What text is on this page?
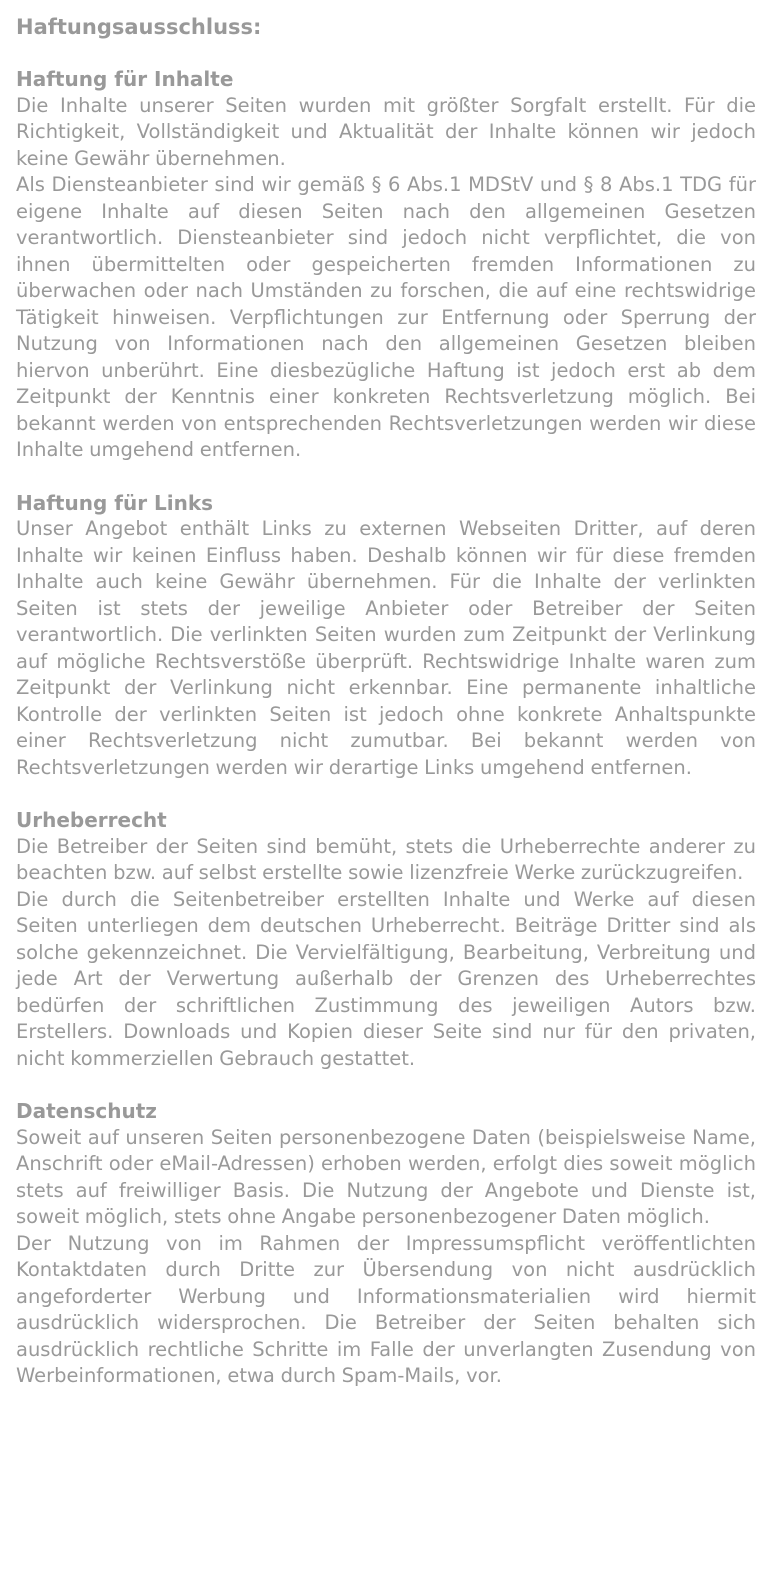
Haftungsausschluss:
Haftung für Inhalte

Die Inhalte unserer Seiten wurden mit größter Sorgfalt erstellt. Für die Richtigkeit, Vollständigkeit und Aktualität der Inhalte können wir jedoch keine Gewähr übernehmen.

Als Diensteanbieter sind wir gemäß § 6 Abs.1 MDStV und § 8 Abs.1 TDG für eigene Inhalte auf diesen Seiten nach den allgemeinen Gesetzen verantwortlich. Diensteanbieter sind jedoch nicht verpflichtet, die von ihnen übermittelten oder gespeicherten fremden Informationen zu überwachen oder nach Umständen zu forschen, die auf eine rechtswidrige Tätigkeit hinweisen. Verpflichtungen zur Entfernung oder Sperrung der Nutzung von Informationen nach den allgemeinen Gesetzen bleiben hiervon unberührt. Eine diesbezügliche Haftung ist jedoch erst ab dem Zeitpunkt der Kenntnis einer konkreten Rechtsverletzung möglich. Bei bekannt werden von entsprechenden Rechtsverletzungen werden wir diese Inhalte umgehend entfernen.

Haftung für Links

Unser Angebot enthält Links zu externen Webseiten Dritter, auf deren Inhalte wir keinen Einfluss haben. Deshalb können wir für diese fremden Inhalte auch keine Gewähr übernehmen. Für die Inhalte der verlinkten Seiten ist stets der jeweilige Anbieter oder Betreiber der Seiten verantwortlich. Die verlinkten Seiten wurden zum Zeitpunkt der Verlinkung auf mögliche Rechtsverstöße überprüft. Rechtswidrige Inhalte waren zum Zeitpunkt der Verlinkung nicht erkennbar. Eine permanente inhaltliche Kontrolle der verlinkten Seiten ist jedoch ohne konkrete Anhaltspunkte einer Rechtsverletzung nicht zumutbar. Bei bekannt werden von Rechtsverletzungen werden wir derartige Links umgehend entfernen.

Urheberrecht

Die Betreiber der Seiten sind bemüht, stets die Urheberrechte anderer zu beachten bzw. auf selbst erstellte sowie lizenzfreie Werke zurückzugreifen.

Die durch die Seitenbetreiber erstellten Inhalte und Werke auf diesen Seiten unterliegen dem deutschen Urheberrecht. Beiträge Dritter sind als solche gekennzeichnet. Die Vervielfältigung, Bearbeitung, Verbreitung und jede Art der Verwertung außerhalb der Grenzen des Urheberrechtes bedürfen der schriftlichen Zustimmung des jeweiligen Autors bzw. Erstellers. Downloads und Kopien dieser Seite sind nur für den privaten, nicht kommerziellen Gebrauch gestattet.

Datenschutz

Soweit auf unseren Seiten personenbezogene Daten (beispielsweise Name, Anschrift oder eMail-Adressen) erhoben werden, erfolgt dies soweit möglich stets auf freiwilliger Basis. Die Nutzung der Angebote und Dienste ist, soweit möglich, stets ohne Angabe personenbezogener Daten möglich.

Der Nutzung von im Rahmen der Impressumspflicht veröffentlichten Kontaktdaten durch Dritte zur Übersendung von nicht ausdrücklich angeforderter Werbung und Informationsmaterialien wird hiermit ausdrücklich widersprochen. Die Betreiber der Seiten behalten sich ausdrücklich rechtliche Schritte im Falle der unverlangten Zusendung von Werbeinformationen, etwa durch Spam-Mails, vor.
